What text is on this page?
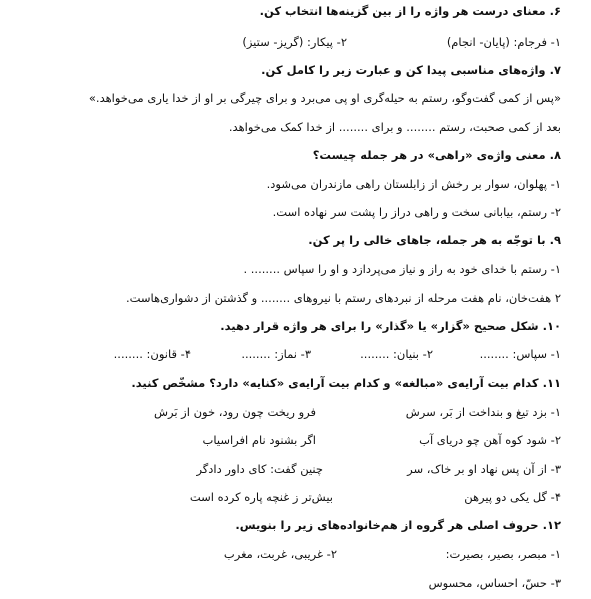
۶. معنای درست هر واژه را از بین گزینه‌ها انتخاب کن.
۱- فرجام: (پایان- انجام)
۲- پیکار: (گریز- ستیز)
۷. واژه‌های مناسبی پیدا کن و عبارت زیر را کامل کن.
«پس از کمی گفت‌وگو، رستم به حیله‌گری او پی می‌برد و برای چیرگی بر او از خدا یاری می‌خواهد.»
بعد از کمی صحبت، رستم ........ و برای ........ از خدا کمک می‌خواهد.
۸. معنی واژه‌ی «راهی» در هر جمله چیست؟
۱- پهلوان، سوار بر رخش از زابلستان راهی مازندران می‌شود.
۲- رستم، بیابانی سخت و راهی دراز را پشت سر نهاده است.
۹. با توجّه به هر جمله، جاهای خالی را پر کن.
۱- رستم با خدای خود به راز و نیاز می‌پردازد و او را سپاس ........ .
۲ هفت‌خان، نام هفت مرحله از نبردهای رستم با نیروهای ........ و گذشتن از دشواری‌هاست.
۱۰. شکل صحیح «گزار» یا «گذار» را برای هر واژه قرار دهید.
۱- سپاس: ........
۲- بنیان: ........
۳- نماز: ........
۴- قانون: ........
۱۱. کدام بیت آرایه‌ی «مبالغه» و کدام بیت آرایه‌ی «کنایه» دارد؟ مشخّص کنید.
۱- بزد تیغ و بنداخت از بَر، سرش
فرو ریخت چون رود، خون از بَرش
۲- شود کوه آهن چو دریای آب
اگر بشنود نام افراسیاب
۳- از آن پس نهاد او بر خاک، سر
چنین گفت: کای داور دادگر
۴- گل یکی دو پیرهن
بیش‌تر ز غنچه پاره کرده است
۱۲. حروف اصلی هر گروه از هم‌خانواده‌های زیر را بنویس.
۱- مبصر، بصیر، بصیرت:
۲- غریبی، غربت، مغرب
۳- حسّ، احساس، محسوس
